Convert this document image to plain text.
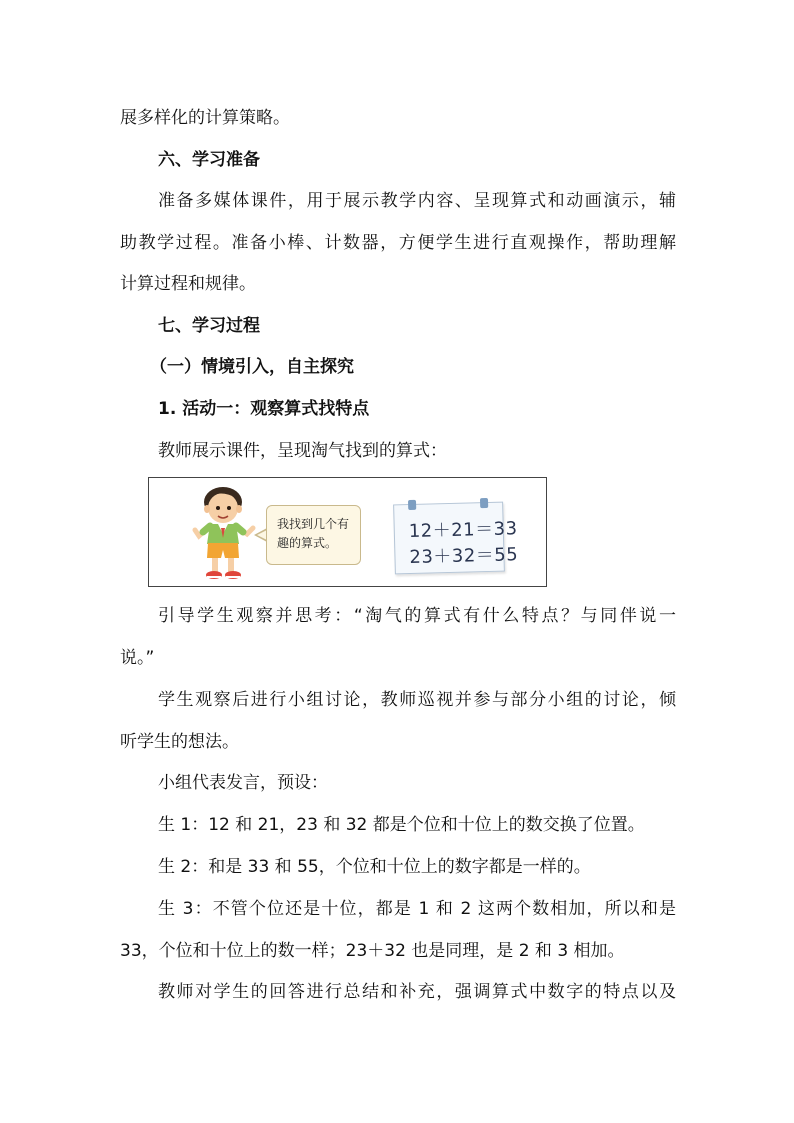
展多样化的计算策略。
六、学习准备
准备多媒体课件，用于展示教学内容、呈现算式和动画演示，辅
助教学过程。准备小棒、计数器，方便学生进行直观操作，帮助理解
计算过程和规律。
七、学习过程
（一）情境引入，自主探究
1. 活动一：观察算式找特点
教师展示课件，呈现淘气找到的算式：
我找到几个有
趣的算式。
12＋21＝33
23＋32＝55
引导学生观察并思考：“淘气的算式有什么特点？与同伴说一
说。”
学生观察后进行小组讨论，教师巡视并参与部分小组的讨论，倾
听学生的想法。
小组代表发言，预设：
生 1：12 和 21，23 和 32 都是个位和十位上的数交换了位置。
生 2：和是 33 和 55，个位和十位上的数字都是一样的。
生 3：不管个位还是十位，都是 1 和 2 这两个数相加，所以和是
33，个位和十位上的数一样；23＋32 也是同理，是 2 和 3 相加。
教师对学生的回答进行总结和补充，强调算式中数字的特点以及
